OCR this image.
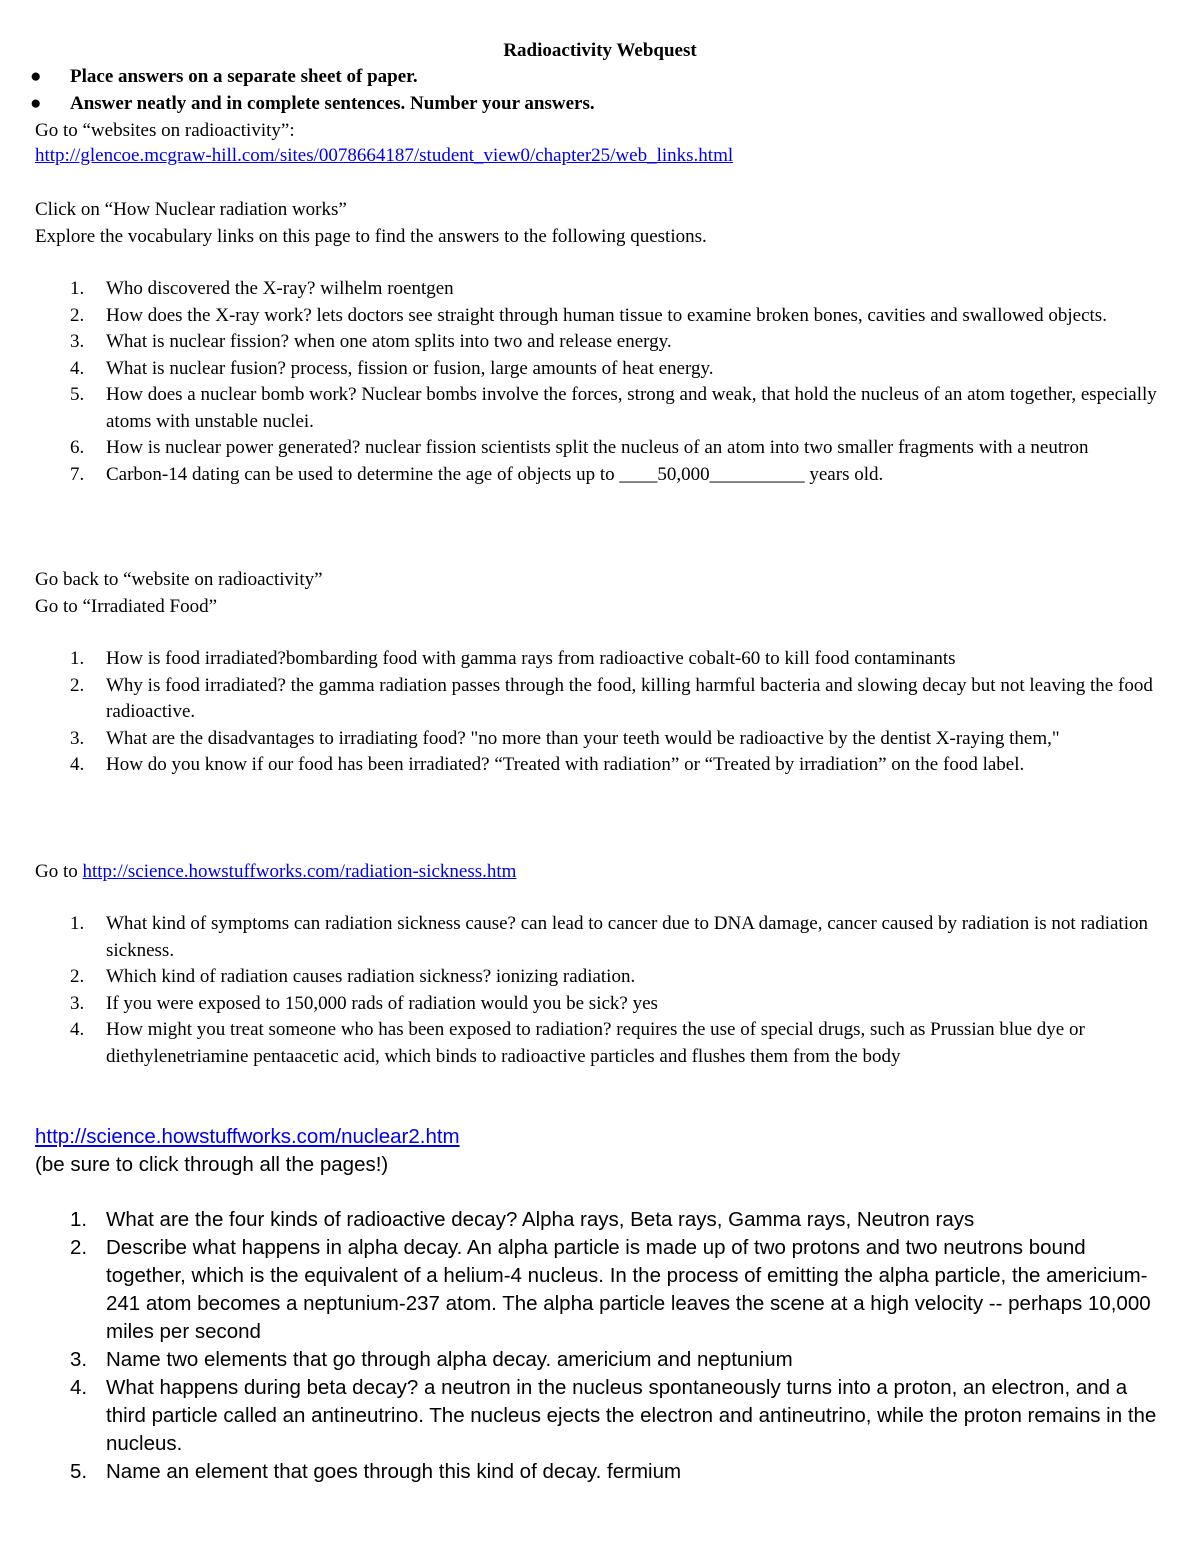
Radioactivity Webquest
● Place answers on a separate sheet of paper.
● Answer neatly and in complete sentences. Number your answers.
Go to “websites on radioactivity”:
http://glencoe.mcgraw-hill.com/sites/0078664187/student_view0/chapter25/web_links.html
Click on “How Nuclear radiation works”
Explore the vocabulary links on this page to find the answers to the following questions.
1. Who discovered the X-ray? wilhelm roentgen
2. How does the X-ray work? lets doctors see straight through human tissue to examine broken bones, cavities and swallowed objects.
3. What is nuclear fission? when one atom splits into two and release energy.
4. What is nuclear fusion? process, fission or fusion, large amounts of heat energy.
5. How does a nuclear bomb work? Nuclear bombs involve the forces, strong and weak, that hold the nucleus of an atom together, especially atoms with unstable nuclei.
6. How is nuclear power generated? nuclear fission scientists split the nucleus of an atom into two smaller fragments with a neutron
7. Carbon-14 dating can be used to determine the age of objects up to ____50,000__________ years old.
Go back to “website on radioactivity”
Go to “Irradiated Food”
1. How is food irradiated?bombarding food with gamma rays from radioactive cobalt-60 to kill food contaminants
2. Why is food irradiated? the gamma radiation passes through the food, killing harmful bacteria and slowing decay but not leaving the food radioactive.
3. What are the disadvantages to irradiating food? "no more than your teeth would be radioactive by the dentist X-raying them,"
4. How do you know if our food has been irradiated? “Treated with radiation” or “Treated by irradiation” on the food label.
Go to http://science.howstuffworks.com/radiation-sickness.htm
1. What kind of symptoms can radiation sickness cause? can lead to cancer due to DNA damage, cancer caused by radiation is not radiation sickness.
2. Which kind of radiation causes radiation sickness? ionizing radiation.
3. If you were exposed to 150,000 rads of radiation would you be sick? yes
4. How might you treat someone who has been exposed to radiation? requires the use of special drugs, such as Prussian blue dye or diethylenetriamine pentaacetic acid, which binds to radioactive particles and flushes them from the body
http://science.howstuffworks.com/nuclear2.htm
(be sure to click through all the pages!)
1. What are the four kinds of radioactive decay? Alpha rays, Beta rays, Gamma rays, Neutron rays
2. Describe what happens in alpha decay. An alpha particle is made up of two protons and two neutrons bound together, which is the equivalent of a helium-4 nucleus. In the process of emitting the alpha particle, the americium-241 atom becomes a neptunium-237 atom. The alpha particle leaves the scene at a high velocity -- perhaps 10,000 miles per second
3. Name two elements that go through alpha decay. americium and neptunium
4. What happens during beta decay? a neutron in the nucleus spontaneously turns into a proton, an electron, and a third particle called an antineutrino. The nucleus ejects the electron and antineutrino, while the proton remains in the nucleus.
5. Name an element that goes through this kind of decay. fermium
